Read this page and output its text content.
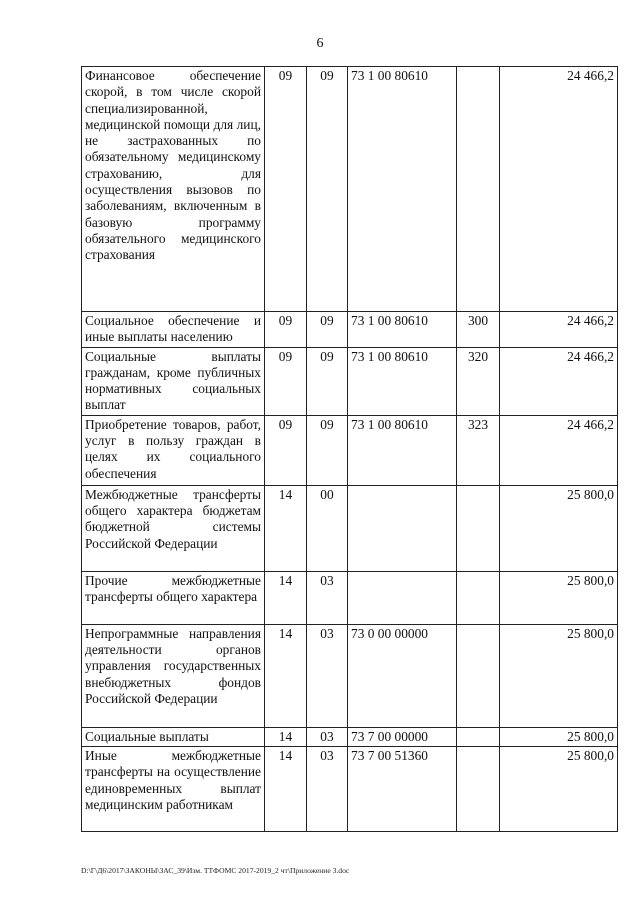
6
Финансовое обеспечение скорой, в том числе скорой специализированной, медицинской помощи для лиц, не застрахованных по обязательному медицинскому страхованию, для осуществления вызовов по заболеваниям, включенным в базовую программу обязательного медицинского страхования	09	09	73 1 00 80610		24 466,2
Социальное обеспечение и иные выплаты населению	09	09	73 1 00 80610	300	24 466,2
Социальные выплаты гражданам, кроме публичных нормативных социальных выплат	09	09	73 1 00 80610	320	24 466,2
Приобретение товаров, работ, услуг в пользу граждан в целях их социального обеспечения	09	09	73 1 00 80610	323	24 466,2
Межбюджетные трансферты общего характера бюджетам бюджетной системы Российской Федерации	14	00			25 800,0
Прочие межбюджетные трансферты общего характера	14	03			25 800,0
Непрограммные направления деятельности органов управления государственных внебюджетных фондов Российской Федерации	14	03	73 0 00 00000		25 800,0
Социальные выплаты	14	03	73 7 00 00000		25 800,0
Иные межбюджетные трансферты на осуществление единовременных выплат медицинским работникам	14	03	73 7 00 51360		25 800,0
D:\Г\Д6\2017\ЗАКОНЫ\ЗАС_39\Изм. ТТФОМС 2017-2019_2 чт\Приложение 3.doc
